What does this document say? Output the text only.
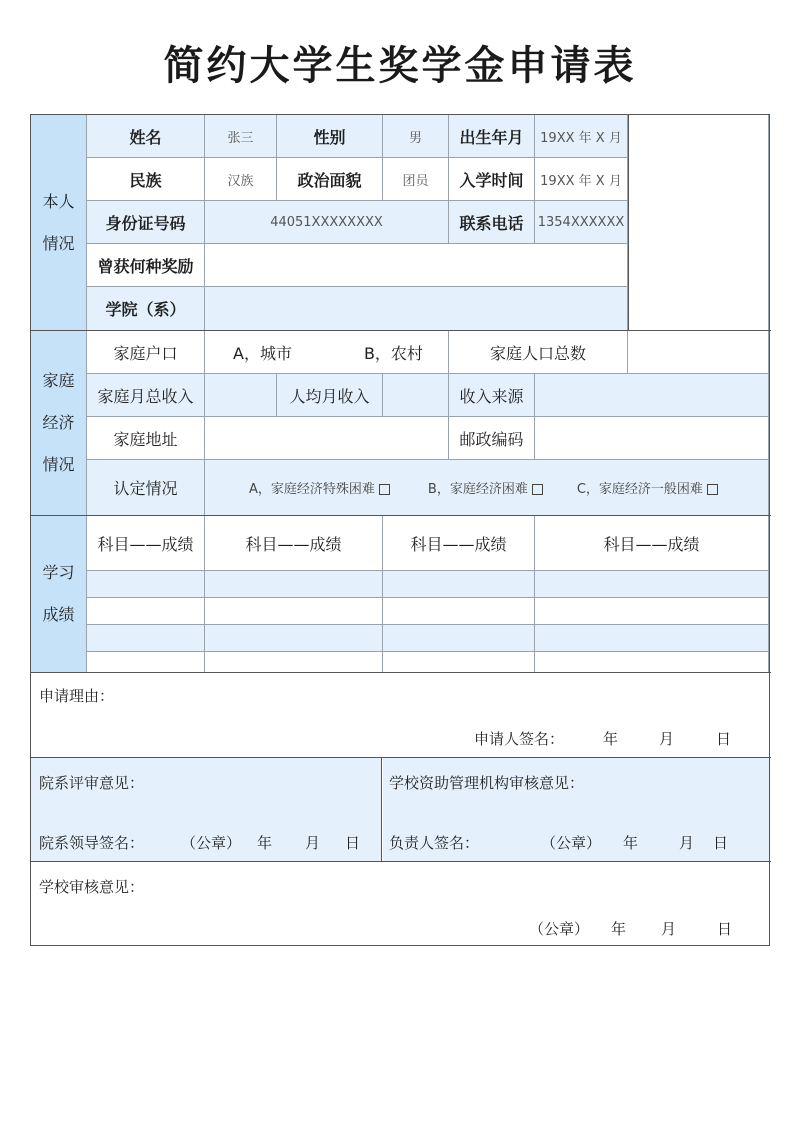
简约大学生奖学金申请表
本人
情况
姓名	张三	性别	男	出生年月	19XX 年 X 月
民族	汉族	政治面貌	团员	入学时间	19XX 年 X 月
身份证号码	44051XXXXXXXX	联系电话	1354XXXXXX
曾获何种奖励
学院（系）
家庭
经济
情况
家庭户口	A，城市	B，农村	家庭人口总数
家庭月总收入	人均月收入	收入来源
家庭地址	邮政编码
认定情况	A，家庭经济特殊困难	B，家庭经济困难	C，家庭经济一般困难
学习
成绩
科目——成绩	科目——成绩	科目——成绩	科目——成绩
申请理由：
申请人签名：	年	月	日
院系评审意见：
院系领导签名： （公章） 年 月 日
学校资助管理机构审核意见：
负责人签名：	（公章） 年	月 日
学校审核意见：
（公章） 年 月	日
